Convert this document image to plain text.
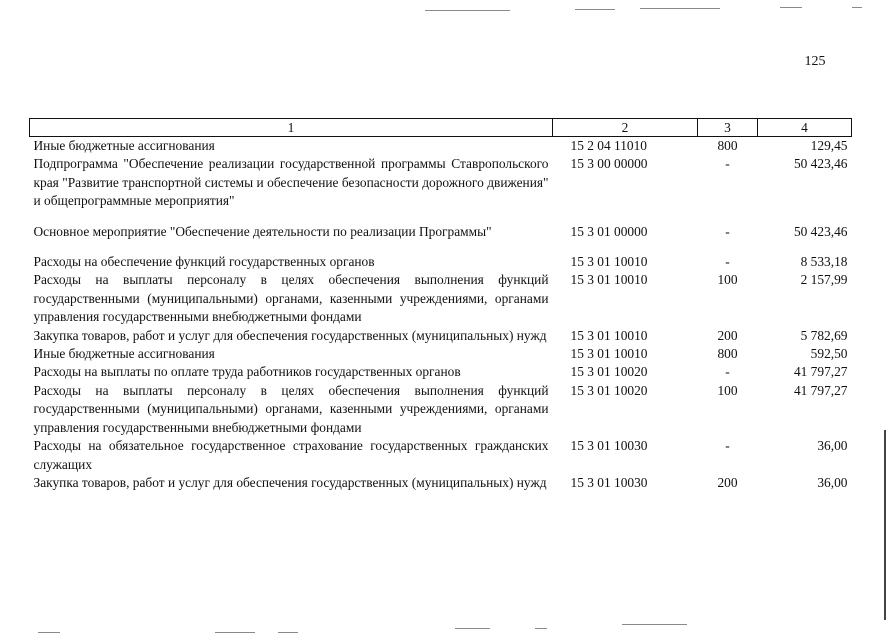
125
1	2	3	4
Иные бюджетные ассигнования	15 2 04 11010	800	129,45
Подпрограмма "Обеспечение реализации государственной программы Ставропольского края "Развитие транспортной системы и обеспечение безопасности дорожного движения" и общепрограммные мероприятия"	15 3 00 00000	-	50 423,46
Основное мероприятие "Обеспечение деятельности по реализации Программы"	15 3 01 00000	-	50 423,46
Расходы на обеспечение функций государственных органов	15 3 01 10010	-	8 533,18
Расходы на выплаты персоналу в целях обеспечения выполнения функций государственными (муниципальными) органами, казенными учреждениями, органами управления государственными внебюджетными фондами	15 3 01 10010	100	2 157,99
Закупка товаров, работ и услуг для обеспечения государственных (муниципальных) нужд	15 3 01 10010	200	5 782,69
Иные бюджетные ассигнования	15 3 01 10010	800	592,50
Расходы на выплаты по оплате труда работников государственных органов	15 3 01 10020	-	41 797,27
Расходы на выплаты персоналу в целях обеспечения выполнения функций государственными (муниципальными) органами, казенными учреждениями, органами управления государственными внебюджетными фондами	15 3 01 10020	100	41 797,27
Расходы на обязательное государственное страхование государственных гражданских служащих	15 3 01 10030	-	36,00
Закупка товаров, работ и услуг для обеспечения государственных (муниципальных) нужд	15 3 01 10030	200	36,00
